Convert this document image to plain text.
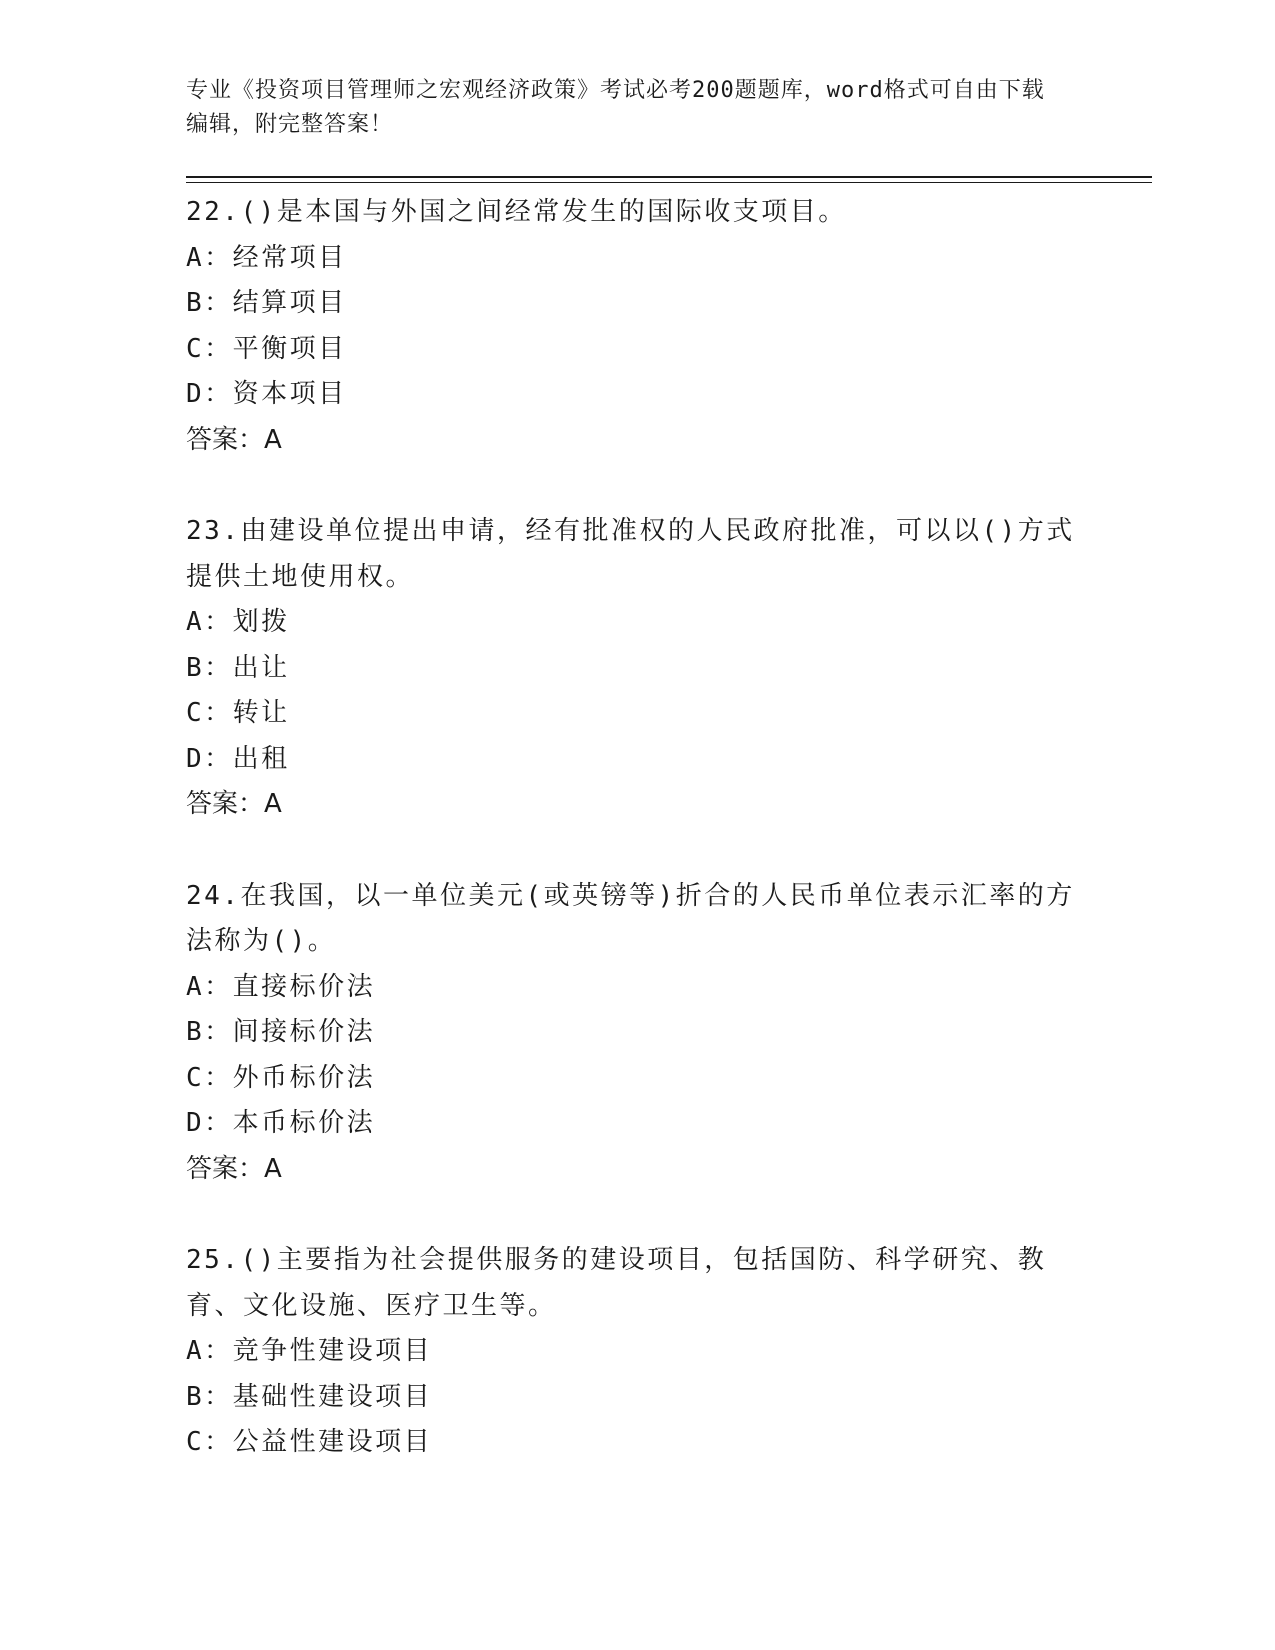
专业《投资项目管理师之宏观经济政策》考试必考200题题库，word格式可自由下载编辑，附完整答案！
22.()是本国与外国之间经常发生的国际收支项目。
A：经常项目
B：结算项目
C：平衡项目
D：资本项目
答案：A
23.由建设单位提出申请，经有批准权的人民政府批准，可以以()方式提供土地使用权。
A：划拨
B：出让
C：转让
D：出租
答案：A
24.在我国，以一单位美元(或英镑等)折合的人民币单位表示汇率的方法称为()。
A：直接标价法
B：间接标价法
C：外币标价法
D：本币标价法
答案：A
25.()主要指为社会提供服务的建设项目，包括国防、科学研究、教育、文化设施、医疗卫生等。
A：竞争性建设项目
B：基础性建设项目
C：公益性建设项目
